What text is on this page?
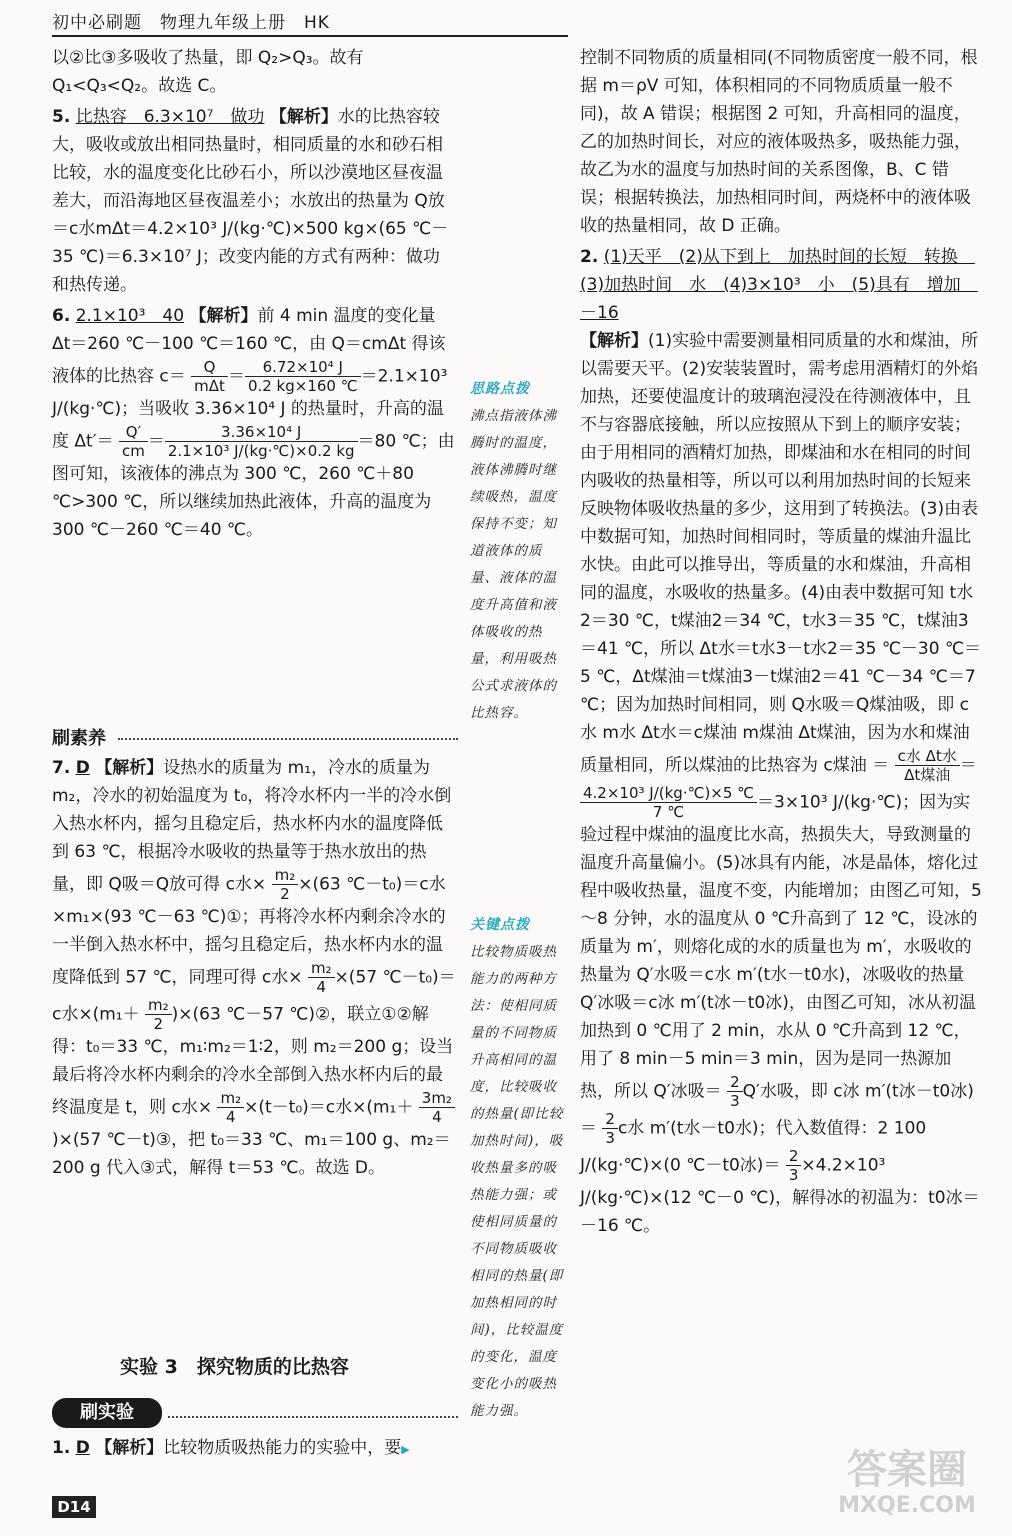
初中必刷题　物理九年级上册　HK

以②比③多吸收了热量，即 Q₂>Q₃。故有 Q₁<Q₃<Q₂。故选 C。

5. 比热容　6.3×10⁷　做功 【解析】水的比热容较大，吸收或放出相同热量时，相同质量的水和砂石相比较，水的温度变化比砂石小，所以沙漠地区昼夜温差大，而沿海地区昼夜温差小；水放出的热量为 Q放＝c水mΔt＝4.2×10³ J/(kg·℃)×500 kg×(65 ℃－35 ℃)＝6.3×10⁷ J；改变内能的方式有两种：做功和热传递。

6. 2.1×10³　40 【解析】前 4 min 温度的变化量 Δt＝260 ℃－100 ℃＝160 ℃，由 Q＝cmΔt 得该液体的比热容 $c= \frac{Q}{\text{mΔt}} = \frac{\text{6.72×10⁴ J}}{0.2 kg\times 160 ℃} =2.1\times 10^3$ J/(kg·℃)；当吸收 3.36×10⁴ J 的热量时，升高的温度 $\Delta t'= \frac{Q'}{cm} = \frac{\text{3.36×10⁴ J}}{\text{2.1×10³ J/(kg·℃)×0.2 kg}} =80$ ℃；由图可知，该液体的沸点为 300 ℃，260 ℃＋80 ℃>300 ℃，所以继续加热此液体，升高的温度为 300 ℃－260 ℃＝40 ℃。

思路点拨
沸点指液体沸腾时的温度，液体沸腾时继续吸热，温度保持不变；知道液体的质量、液体的温度升高值和液体吸收的热量，利用吸热公式求液体的比热容。
刷素养

7. D 【解析】设热水的质量为 m₁，冷水的质量为 m₂，冷水的初始温度为 t₀，将冷水杯内一半的冷水倒入热水杯内，摇匀且稳定后，热水杯内水的温度降低到 63 ℃，根据冷水吸收的热量等于热水放出的热量，即 Q吸＝Q放可得 c水× $\frac{\text{m₂}}{2} \times(63$ ℃－t₀)＝c水×m₁×(93 ℃－63 ℃)①；再将冷水杯内剩余冷水的一半倒入热水杯中，摇匀且稳定后，热水杯内水的温度降低到 57 ℃，同理可得 c水× $\frac{\text{m₂}}{4} \times(57$ ℃－t₀)＝c水$\times(m_1+ \frac{\text{m₂}}{2} )\times(63$ ℃－57 ℃)②，联立①②解得：t₀＝33 ℃，m₁∶m₂＝1∶2，则 m₂＝200 g；设当最后将冷水杯内剩余的冷水全部倒入热水杯内后的最终温度是 t，则 c水× $\frac{\text{m₂}}{4} \times(t-t_0)=c$水$\times(m_1+ \frac{\text{3m₂}}{4}$
)×(57 ℃－t)③，把 t₀＝33 ℃、m₁＝100 g、m₂＝200 g 代入③式，解得 t＝53 ℃。故选 D。

关键点拨
比较物质吸热能力的两种方法：使相同质量的不同物质升高相同的温度，比较吸收的热量(即比较加热时间)，吸收热量多的吸热能力强；或使相同质量的不同物质吸收相同的热量(即加热相同的时间)，比较温度的变化，温度变化小的吸热能力强。
实验 3　探究物质的比热容
刷实验

1. D 【解析】比较物质吸热能力的实验中，要▶

控制不同物质的质量相同(不同物质密度一般不同，根据 m＝ρV 可知，体积相同的不同物质质量一般不同)，故 A 错误；根据图 2 可知，升高相同的温度，乙的加热时间长，对应的液体吸热多，吸热能力强，故乙为水的温度与加热时间的关系图像，B、C 错误；根据转换法，加热相同时间，两烧杯中的液体吸收的热量相同，故 D 正确。

2. (1)天平　(2)从下到上　加热时间的长短　转换　(3)加热时间　水　(4)3×10³　小　(5)具有　增加　－16
【解析】(1)实验中需要测量相同质量的水和煤油，所以需要天平。(2)安装装置时，需考虑用酒精灯的外焰加热，还要使温度计的玻璃泡浸没在待测液体中，且不与容器底接触，所以应按照从下到上的顺序安装；由于用相同的酒精灯加热，即煤油和水在相同的时间内吸收的热量相等，所以可以利用加热时间的长短来反映物体吸收热量的多少，这用到了转换法。(3)由表中数据可知，加热时间相同时，等质量的煤油升温比水快。由此可以推导出，等质量的水和煤油，升高相同的温度，水吸收的热量多。(4)由表中数据可知 t水2＝30 ℃，t煤油2＝34 ℃，t水3＝35 ℃，t煤油3＝41 ℃，所以 Δt水＝t水3－t水2＝35 ℃－30 ℃＝5 ℃，Δt煤油＝t煤油3－t煤油2＝41 ℃－34 ℃＝7 ℃；因为加热时间相同，则 Q水吸＝Q煤油吸，即 c水 m水 Δt水＝c煤油 m煤油 Δt煤油，因为水和煤油质量相同，所以煤油的比热容为 c煤油 ＝ $\frac{\text{c水 Δt水}}{\text{Δt煤油}}$ ＝
$\frac{\text{4.2×10³ J/(kg·℃)×5 ℃}}{7 ℃} =3\times 10^3$ J/(kg·℃)；因为实验过程中煤油的温度比水高，热损失大，导致测量的温度升高量偏小。(5)冰具有内能，冰是晶体，熔化过程中吸收热量，温度不变，内能增加；由图乙可知，5～8 分钟，水的温度从 0 ℃升高到了 12 ℃，设冰的质量为 m′，则熔化成的水的质量也为 m′，水吸收的热量为 Q′水吸＝c水 m′(t水－t0水)，冰吸收的热量 Q′冰吸＝c冰 m′(t冰－t0冰)，由图乙可知，冰从初温加热到 0 ℃用了 2 min，水从 0 ℃升高到 12 ℃，用了 8 min－5 min＝3 min，因为是同一热源加热，所以 Q′冰吸＝ $\frac{2}{3} Q'$水吸，即 c冰 m′(t冰－t0冰)＝ $\frac{2}{3}$ c水 m′(t水－t0水)；代入数值得：2 100 J/(kg·℃)×(0 ℃－t0冰)＝ $\frac{2}{3} \times 4.2\times 10^3$ J/(kg·℃)×(12 ℃－0 ℃)，解得冰的初温为：t0冰＝－16 ℃。

D14
答案圈
MXQE.COM
